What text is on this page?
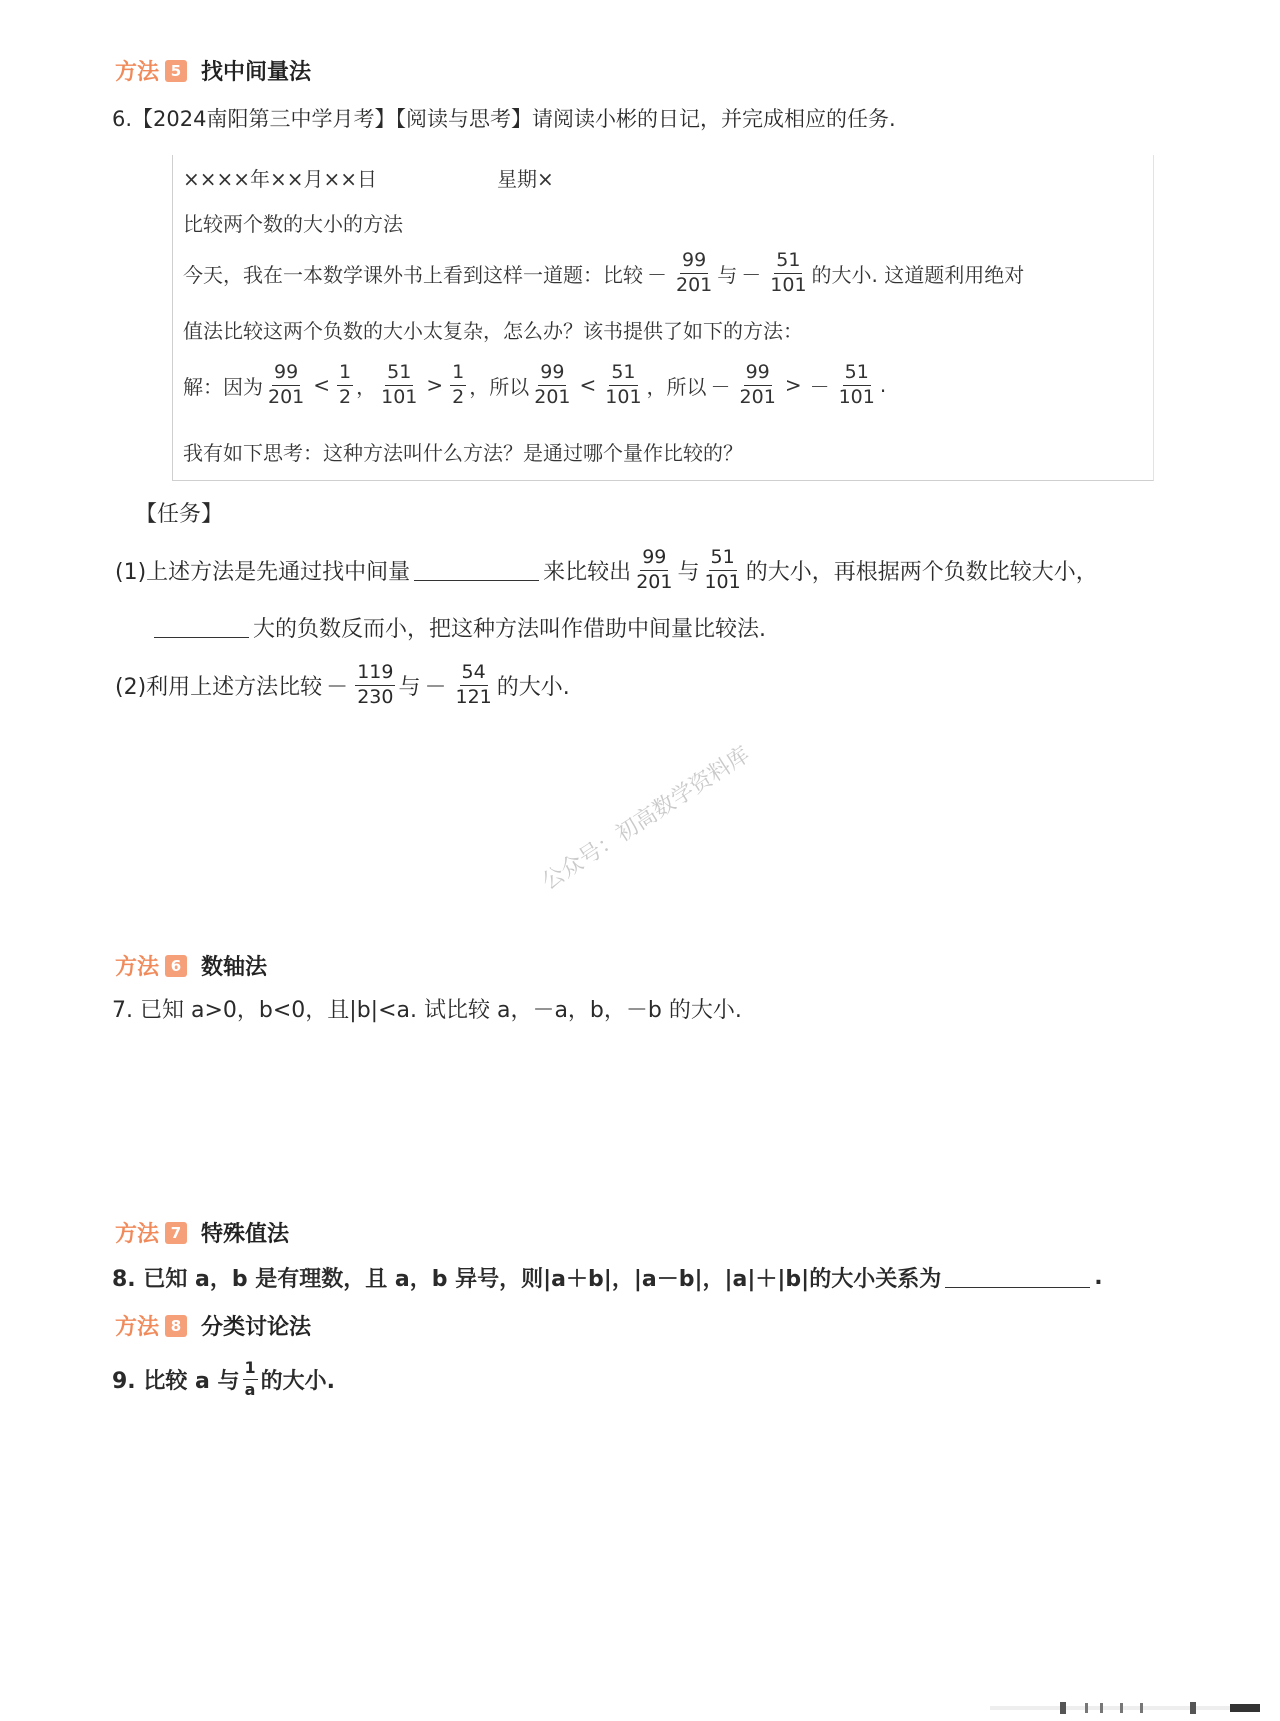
方法 5 找中间量法
6.【2024南阳第三中学月考】【阅读与思考】请阅读小彬的日记，并完成相应的任务.
××××年××月××日	星期×
比较两个数的大小的方法
今天，我在一本数学课外书上看到这样一道题：比较 － $\frac{99}{201}$ 与 － $\frac{51}{101}$ 的大小. 这道题利用绝对
值法比较这两个负数的大小太复杂，怎么办？该书提供了如下的方法：
解：因为 $\frac{99}{201} < \frac{1}{2}$ ， $\frac{51}{101} > \frac{1}{2}$ ，所以 $\frac{99}{201} < \frac{51}{101}$ ，所以 － $\frac{99}{201}$ > － $\frac{51}{101}$ .
我有如下思考：这种方法叫什么方法？是通过哪个量作比较的？
【任务】
(1)上述方法是先通过找中间量	来比较出 $\frac{99}{201}$ 与 $\frac{51}{101}$ 的大小，再根据两个负数比较大小，
大的负数反而小，把这种方法叫作借助中间量比较法.
(2)利用上述方法比较 － $\frac{119}{230}$ 与 － $\frac{54}{121}$ 的大小.
公众号：初高数学资料库
方法 6 数轴法
7. 已知 a>0，b<0，且|b|<a. 试比较 a，－a，b，－b 的大小.
方法 7 特殊值法
8. 已知 a，b 是有理数，且 a，b 异号，则|a＋b|，|a－b|，|a|＋|b|的大小关系为	.
方法 8 分类讨论法
9. 比较 a 与 $\frac{1}{a}$ 的大小.
